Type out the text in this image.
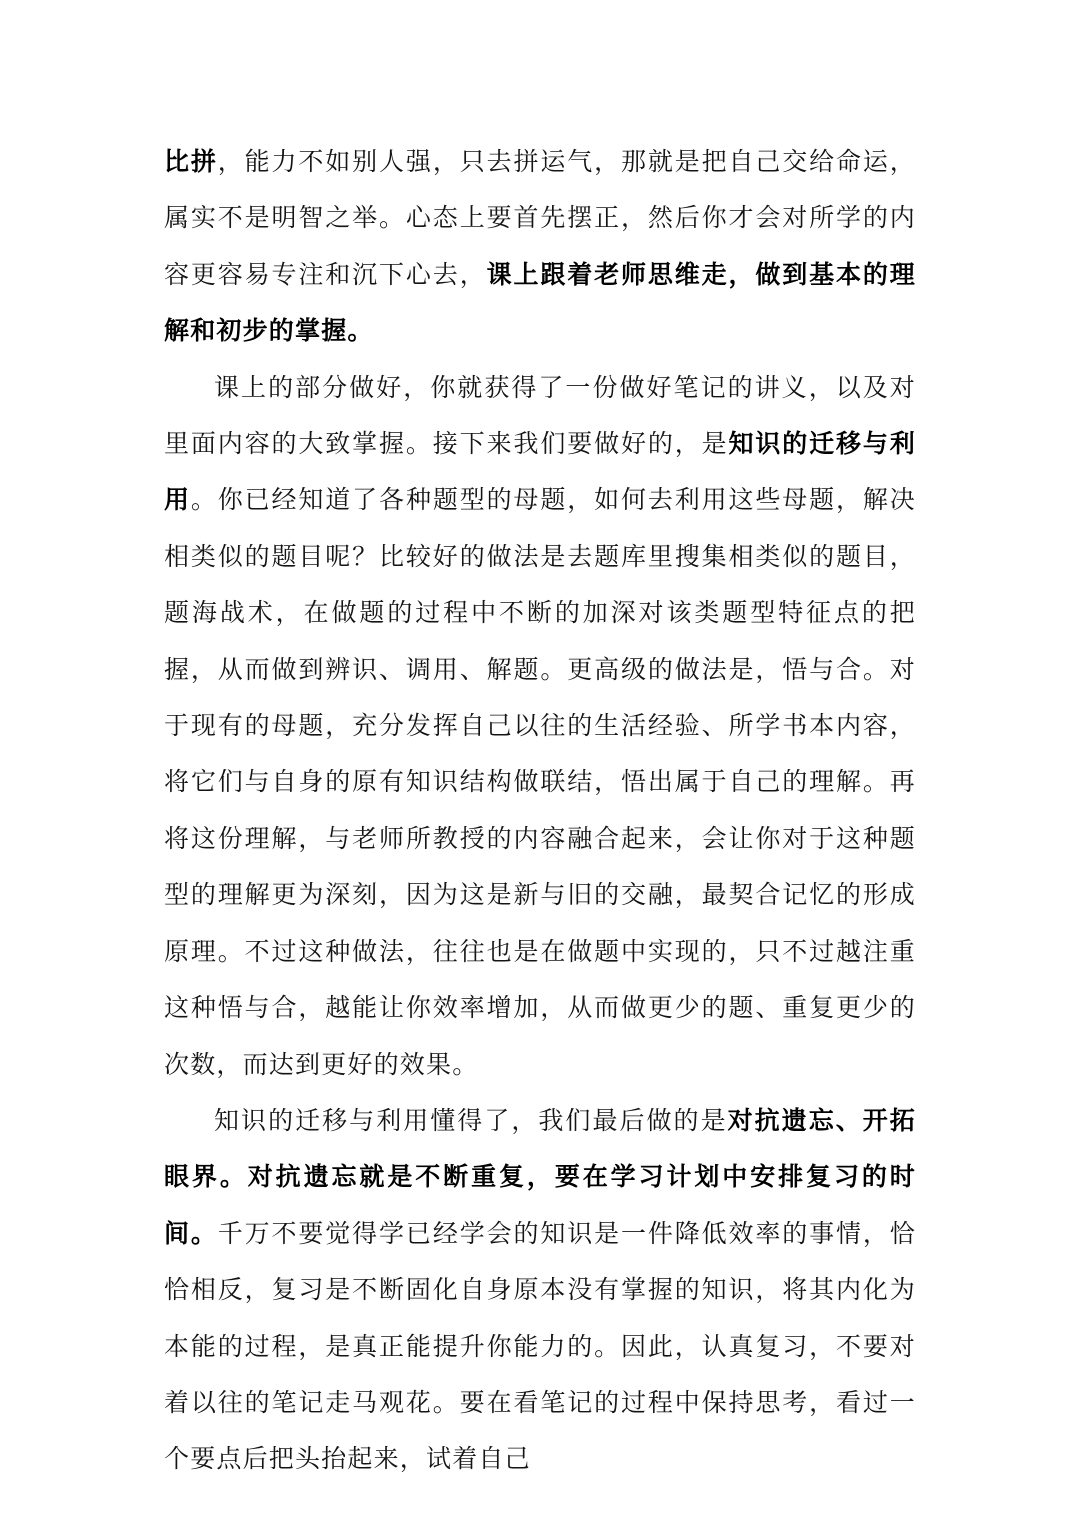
比拼，能力不如别人强，只去拼运气，那就是把自己交给命运，属实不是明智之举。心态上要首先摆正，然后你才会对所学的内容更容易专注和沉下心去，课上跟着老师思维走，做到基本的理解和初步的掌握。

课上的部分做好，你就获得了一份做好笔记的讲义，以及对里面内容的大致掌握。接下来我们要做好的，是知识的迁移与利用。你已经知道了各种题型的母题，如何去利用这些母题，解决相类似的题目呢？比较好的做法是去题库里搜集相类似的题目，题海战术，在做题的过程中不断的加深对该类题型特征点的把握，从而做到辨识、调用、解题。更高级的做法是，悟与合。对于现有的母题，充分发挥自己以往的生活经验、所学书本内容，将它们与自身的原有知识结构做联结，悟出属于自己的理解。再将这份理解，与老师所教授的内容融合起来，会让你对于这种题型的理解更为深刻，因为这是新与旧的交融，最契合记忆的形成原理。不过这种做法，往往也是在做题中实现的，只不过越注重这种悟与合，越能让你效率增加，从而做更少的题、重复更少的次数，而达到更好的效果。

知识的迁移与利用懂得了，我们最后做的是对抗遗忘、开拓眼界。对抗遗忘就是不断重复，要在学习计划中安排复习的时间。千万不要觉得学已经学会的知识是一件降低效率的事情，恰恰相反，复习是不断固化自身原本没有掌握的知识，将其内化为本能的过程，是真正能提升你能力的。因此，认真复习，不要对着以往的笔记走马观花。要在看笔记的过程中保持思考，看过一个要点后把头抬起来，试着自己
